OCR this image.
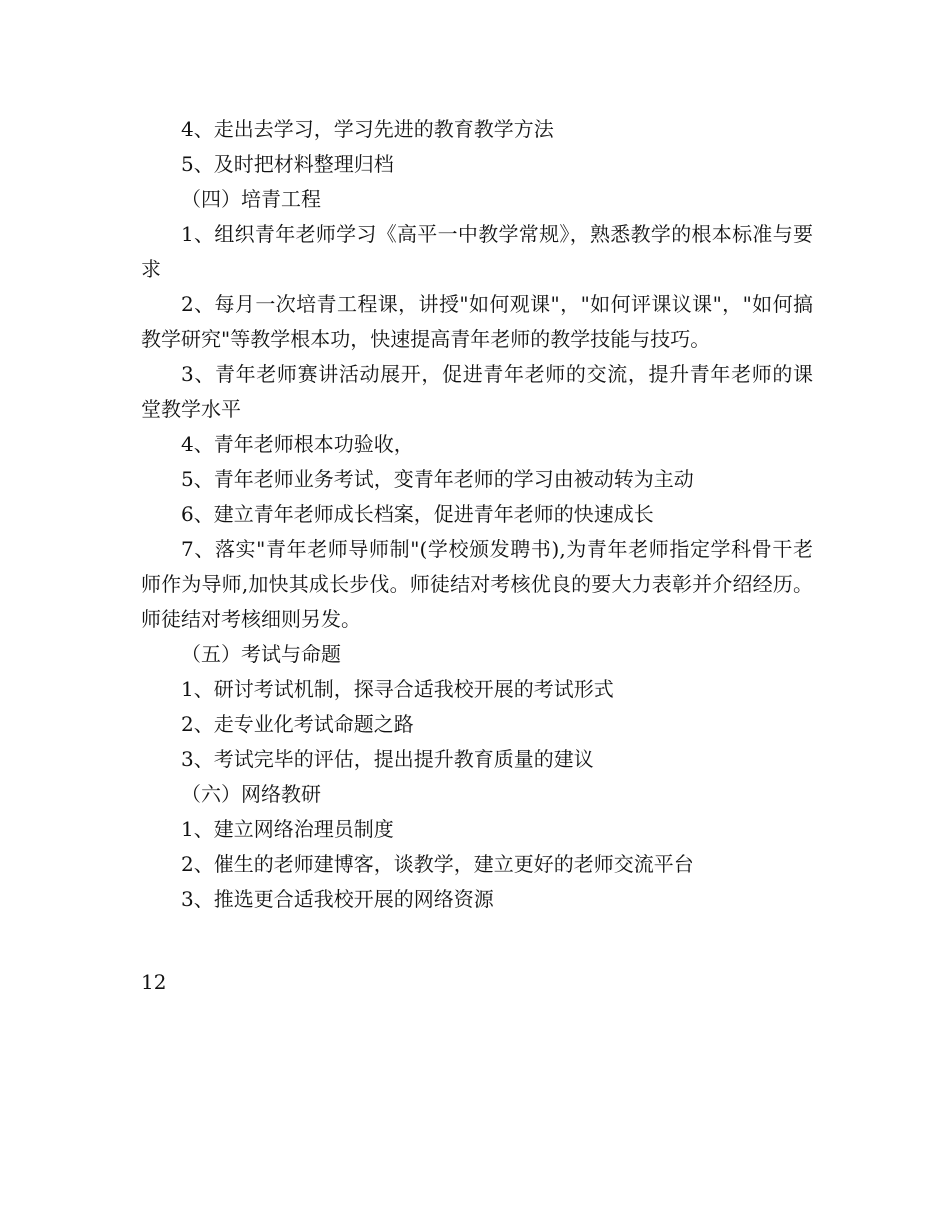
4、走出去学习，学习先进的教育教学方法

5、及时把材料整理归档

（四）培青工程

1、组织青年老师学习《高平一中教学常规》，熟悉教学的根本标准与要求

2、每月一次培青工程课，讲授"如何观课"，"如何评课议课"，"如何搞教学研究"等教学根本功，快速提高青年老师的教学技能与技巧。

3、青年老师赛讲活动展开，促进青年老师的交流，提升青年老师的课堂教学水平

4、青年老师根本功验收，

5、青年老师业务考试，变青年老师的学习由被动转为主动

6、建立青年老师成长档案，促进青年老师的快速成长

7、落实"青年老师导师制"(学校颁发聘书),为青年老师指定学科骨干老师作为导师,加快其成长步伐。师徒结对考核优良的要大力表彰并介绍经历。师徒结对考核细则另发。

（五）考试与命题

1、研讨考试机制，探寻合适我校开展的考试形式

2、走专业化考试命题之路

3、考试完毕的评估，提出提升教育质量的建议

（六）网络教研

1、建立网络治理员制度

2、催生的老师建博客，谈教学，建立更好的老师交流平台

3、推选更合适我校开展的网络资源

12
